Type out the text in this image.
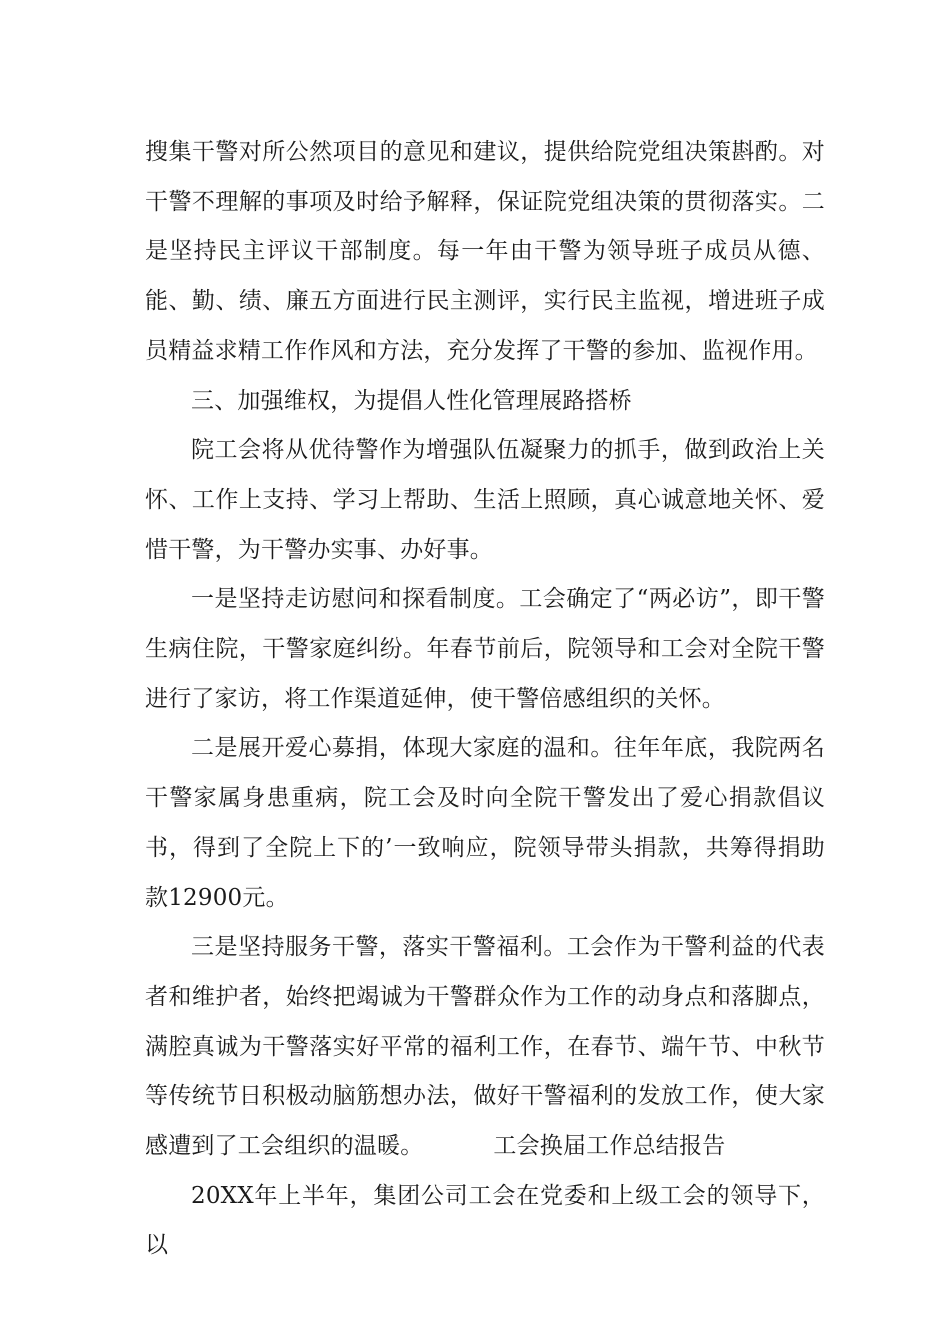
搜集干警对所公然项目的意见和建议，提供给院党组决策斟酌。对干警不理解的事项及时给予解释，保证院党组决策的贯彻落实。二是坚持民主评议干部制度。每一年由干警为领导班子成员从德、能、勤、绩、廉五方面进行民主测评，实行民主监视，增进班子成员精益求精工作作风和方法，充分发挥了干警的参加、监视作用。

三、加强维权，为提倡人性化管理展路搭桥

院工会将从优待警作为增强队伍凝聚力的抓手，做到政治上关怀、工作上支持、学习上帮助、生活上照顾，真心诚意地关怀、爱惜干警，为干警办实事、办好事。

一是坚持走访慰问和探看制度。工会确定了“两必访”，即干警生病住院，干警家庭纠纷。年春节前后，院领导和工会对全院干警进行了家访，将工作渠道延伸，使干警倍感组织的关怀。

二是展开爱心募捐，体现大家庭的温和。往年年底，我院两名干警家属身患重病，院工会及时向全院干警发出了爱心捐款倡议书，得到了全院上下的’一致响应，院领导带头捐款，共筹得捐助款12900元。

三是坚持服务干警，落实干警福利。工会作为干警利益的代表者和维护者，始终把竭诚为干警群众作为工作的动身点和落脚点，满腔真诚为干警落实好平常的福利工作，在春节、端午节、中秋节等传统节日积极动脑筋想办法，做好干警福利的发放工作，使大家感遭到了工会组织的温暖。	工会换届工作总结报告

20XX年上半年，集团公司工会在党委和上级工会的领导下，以
